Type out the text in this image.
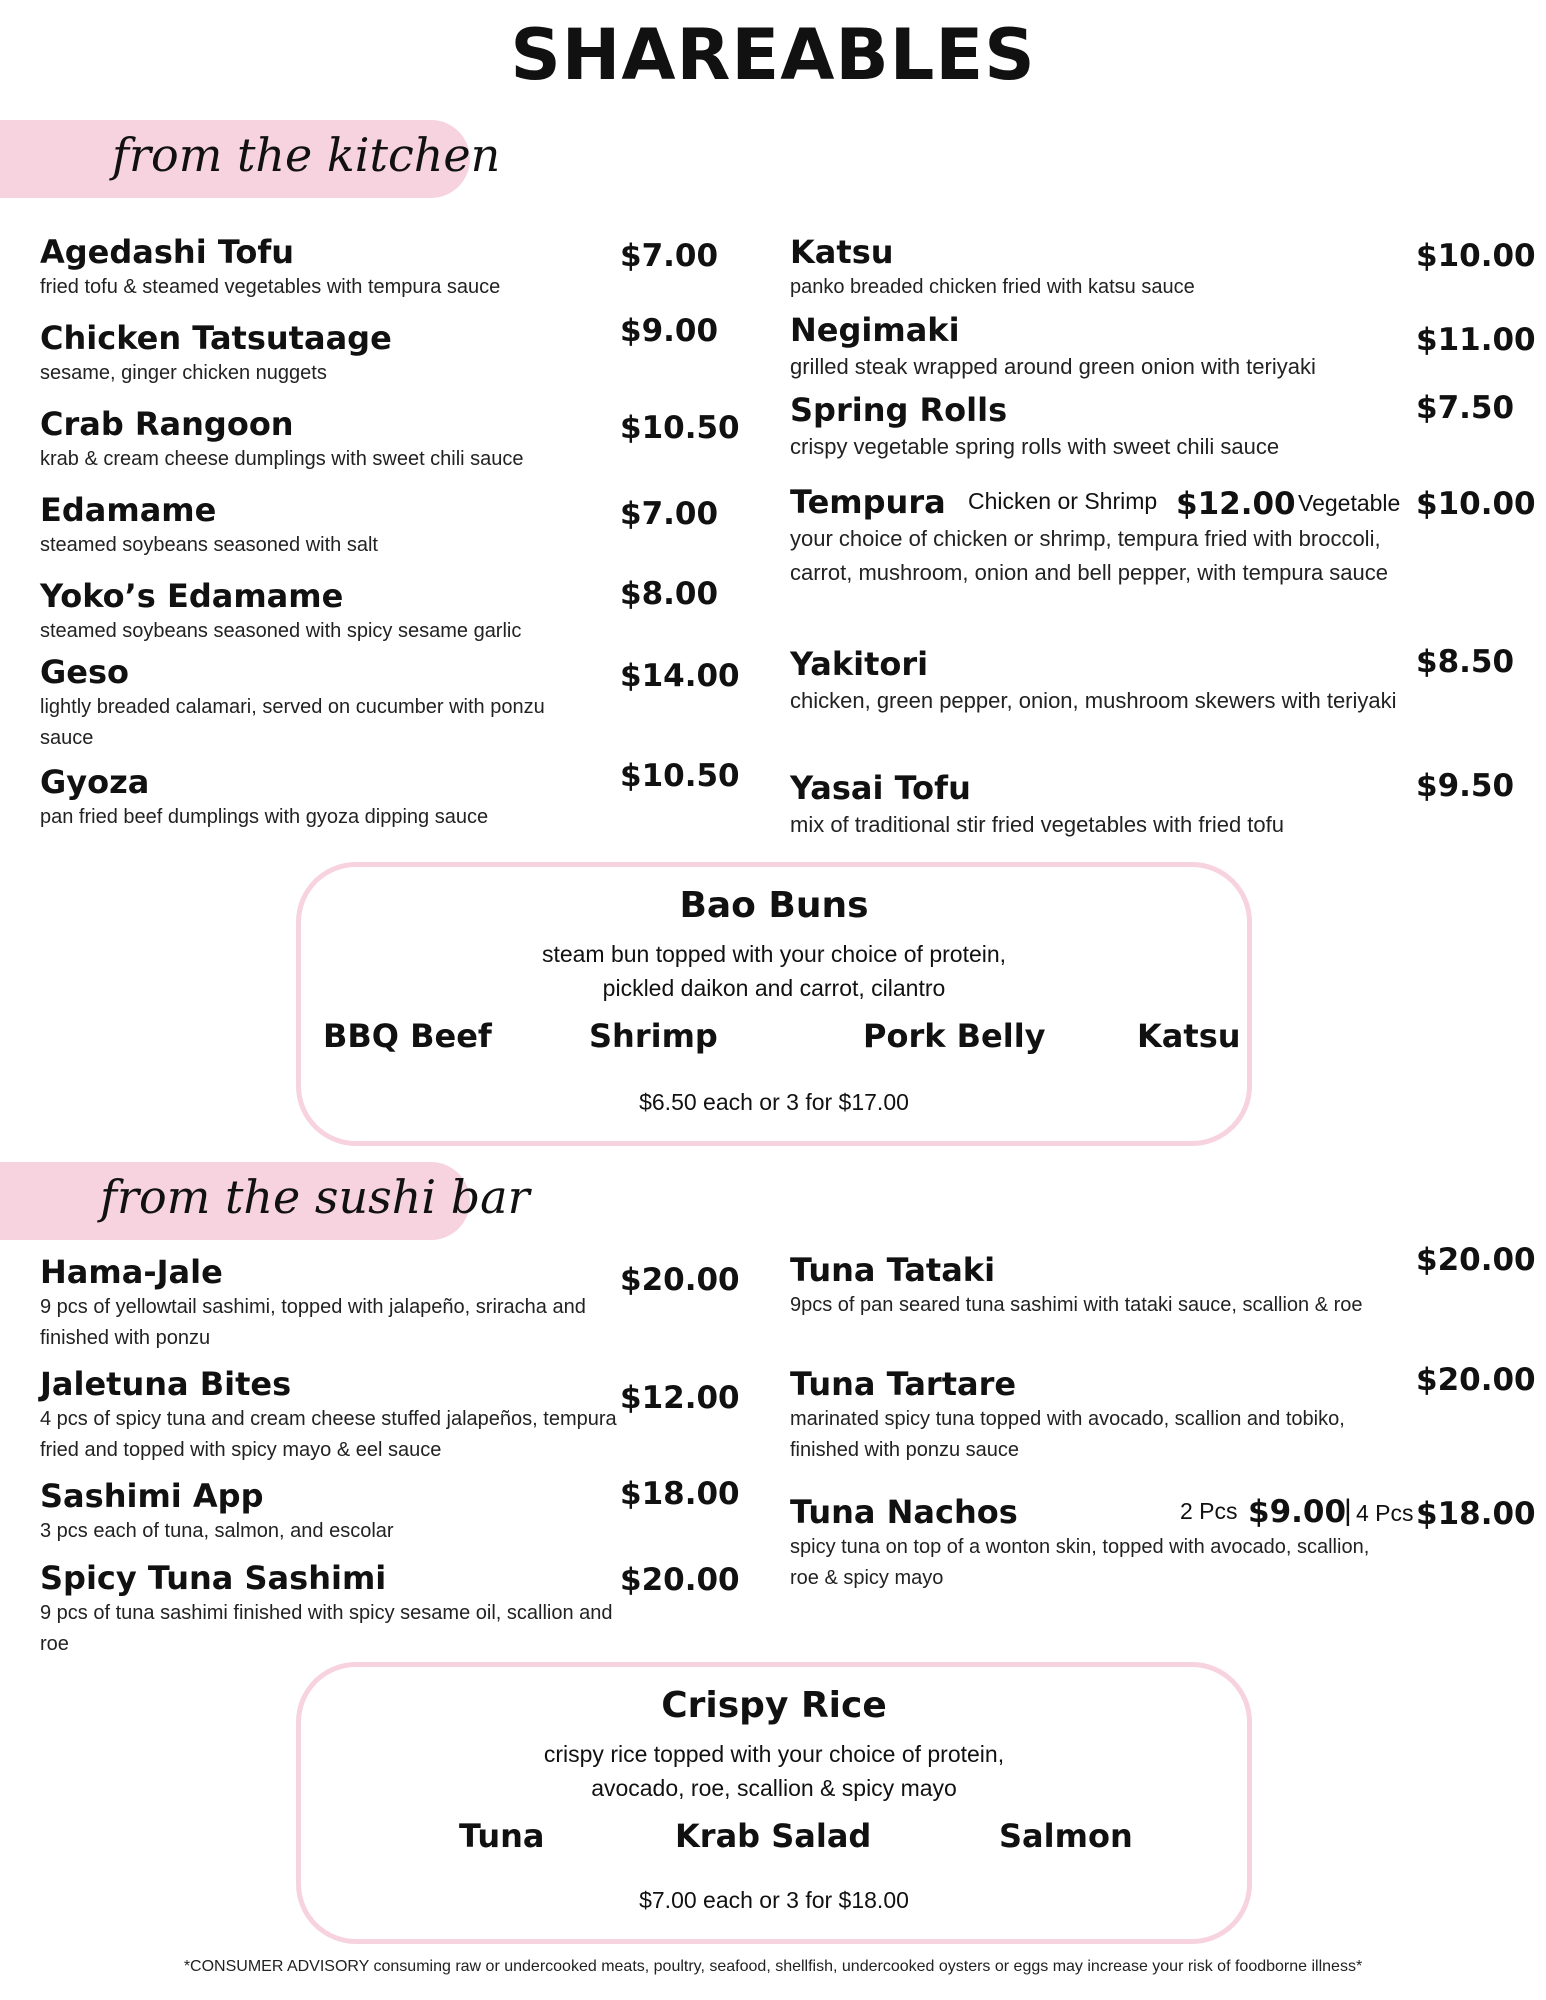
SHAREABLES
from the kitchen
Agedashi Tofu
fried tofu & steamed vegetables with tempura sauce
$7.00
Chicken Tatsutaage
sesame, ginger chicken nuggets
$9.00
Crab Rangoon
krab & cream cheese dumplings with sweet chili sauce
$10.50
Edamame
steamed soybeans seasoned with salt
$7.00
Yoko’s Edamame
steamed soybeans seasoned with spicy sesame garlic
$8.00
Geso
lightly breaded calamari, served on cucumber with ponzu sauce
$14.00
Gyoza
pan fried beef dumplings with gyoza dipping sauce
$10.50
Katsu
panko breaded chicken fried with katsu sauce
$10.00
Negimaki
grilled steak wrapped around green onion with teriyaki
$11.00
Spring Rolls
crispy vegetable spring rolls with sweet chili sauce
$7.50
Tempura
your choice of chicken or shrimp, tempura fried with broccoli, carrot, mushroom, onion and bell pepper, with tempura sauce
Chicken or Shrimp $12.00 Vegetable $10.00
Yakitori
chicken, green pepper, onion, mushroom skewers with teriyaki
$8.50
Yasai Tofu
mix of traditional stir fried vegetables with fried tofu
$9.50
Bao Buns
steam bun topped with your choice of protein,
pickled daikon and carrot, cilantro
BBQ Beef	Shrimp	Pork Belly	Katsu
$6.50 each or 3 for $17.00
from the sushi bar
Hama-Jale
9 pcs of yellowtail sashimi, topped with jalapeño, sriracha and finished with ponzu
$20.00
Jaletuna Bites
4 pcs of spicy tuna and cream cheese stuffed jalapeños, tempura fried and topped with spicy mayo & eel sauce
$12.00
Sashimi App
3 pcs each of tuna, salmon, and escolar
$18.00
Spicy Tuna Sashimi
9 pcs of tuna sashimi finished with spicy sesame oil, scallion and roe
$20.00
Tuna Tataki
9pcs of pan seared tuna sashimi with tataki sauce, scallion & roe
$20.00
Tuna Tartare
marinated spicy tuna topped with avocado, scallion and tobiko, finished with ponzu sauce
$20.00
Tuna Nachos
spicy tuna on top of a wonton skin, topped with avocado, scallion, roe & spicy mayo
2 Pcs $9.00
| 4 Pcs $18.00
Crispy Rice
crispy rice topped with your choice of protein,
avocado, roe, scallion & spicy mayo
Tuna	Krab Salad	Salmon
$7.00 each or 3 for $18.00
*CONSUMER ADVISORY consuming raw or undercooked meats, poultry, seafood, shellfish, undercooked oysters or eggs may increase your risk of foodborne illness*
